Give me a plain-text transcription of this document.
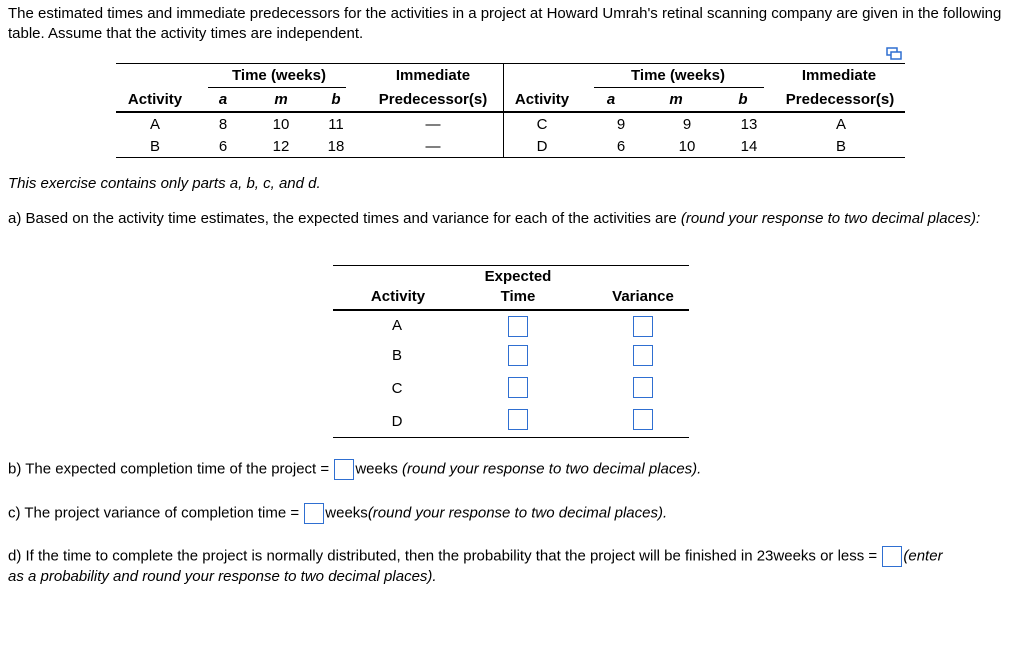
The estimated times and immediate predecessors for the activities in a project at Howard Umrah's retinal scanning company are given in the following table. Assume that the activity times are independent.
Time (weeks)	Immediate
Activity	a	m	b	Predecessor(s)
A	8	10	11	—
B	6	12	18	—
Time (weeks)	Immediate
Activity	a	m	b	Predecessor(s)
C	9	9	13	A
D	6	10	14	B
This exercise contains only parts a, b, c, and d.
a) Based on the activity time estimates, the expected times and variance for each of the activities are (round your response to two decimal places):
Activity
Expected
Time	Variance
A
B
C
D
b) The expected completion time of the project = weeks (round your response to two decimal places).
c) The project variance of completion time = weeks(round your response to two decimal places).
d) If the time to complete the project is normally distributed, then the probability that the project will be finished in 23weeks or less = (enter
as a probability and round your response to two decimal places).
